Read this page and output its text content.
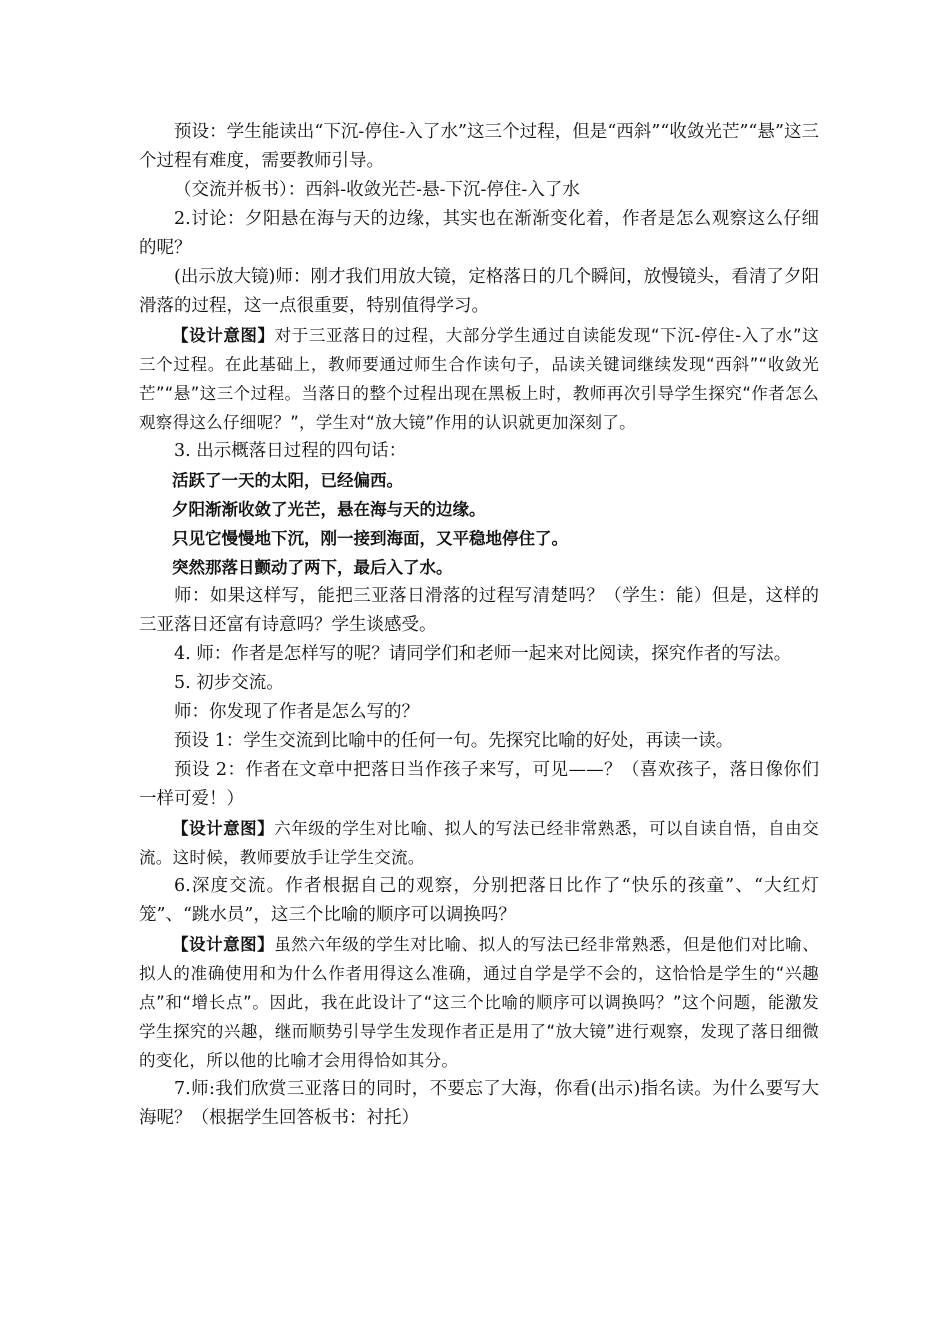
预设：学生能读出“下沉-停住-入了水”这三个过程，但是“西斜”“收敛光芒”“悬”这三个过程有难度，需要教师引导。

（交流并板书）：西斜-收敛光芒-悬-下沉-停住-入了水

2.讨论：夕阳悬在海与天的边缘，其实也在渐渐变化着，作者是怎么观察这么仔细的呢？

(出示放大镜)师：刚才我们用放大镜，定格落日的几个瞬间，放慢镜头，看清了夕阳滑落的过程，这一点很重要，特别值得学习。

【设计意图】对于三亚落日的过程，大部分学生通过自读能发现“下沉-停住-入了水”这三个过程。在此基础上，教师要通过师生合作读句子，品读关键词继续发现“西斜”“收敛光芒”“悬”这三个过程。当落日的整个过程出现在黑板上时，教师再次引导学生探究“作者怎么观察得这么仔细呢？”，学生对“放大镜”作用的认识就更加深刻了。

3. 出示概落日过程的四句话：

活跃了一天的太阳，已经偏西。

夕阳渐渐收敛了光芒，悬在海与天的边缘。

只见它慢慢地下沉，刚一接到海面，又平稳地停住了。

突然那落日颤动了两下，最后入了水。

师：如果这样写，能把三亚落日滑落的过程写清楚吗？（学生：能）但是，这样的三亚落日还富有诗意吗？学生谈感受。

4. 师：作者是怎样写的呢？请同学们和老师一起来对比阅读，探究作者的写法。

5. 初步交流。

师：你发现了作者是怎么写的？

预设 1：学生交流到比喻中的任何一句。先探究比喻的好处，再读一读。

预设 2：作者在文章中把落日当作孩子来写，可见——？（喜欢孩子，落日像你们一样可爱！）

【设计意图】六年级的学生对比喻、拟人的写法已经非常熟悉，可以自读自悟，自由交流。这时候，教师要放手让学生交流。

6.深度交流。作者根据自己的观察，分别把落日比作了“快乐的孩童”、“大红灯笼”、“跳水员”，这三个比喻的顺序可以调换吗？

【设计意图】虽然六年级的学生对比喻、拟人的写法已经非常熟悉，但是他们对比喻、拟人的准确使用和为什么作者用得这么准确，通过自学是学不会的，这恰恰是学生的“兴趣点”和“增长点”。因此，我在此设计了“这三个比喻的顺序可以调换吗？”这个问题，能激发学生探究的兴趣，继而顺势引导学生发现作者正是用了“放大镜”进行观察，发现了落日细微的变化，所以他的比喻才会用得恰如其分。

7.师:我们欣赏三亚落日的同时，不要忘了大海，你看(出示)指名读。为什么要写大海呢？（根据学生回答板书：衬托）
